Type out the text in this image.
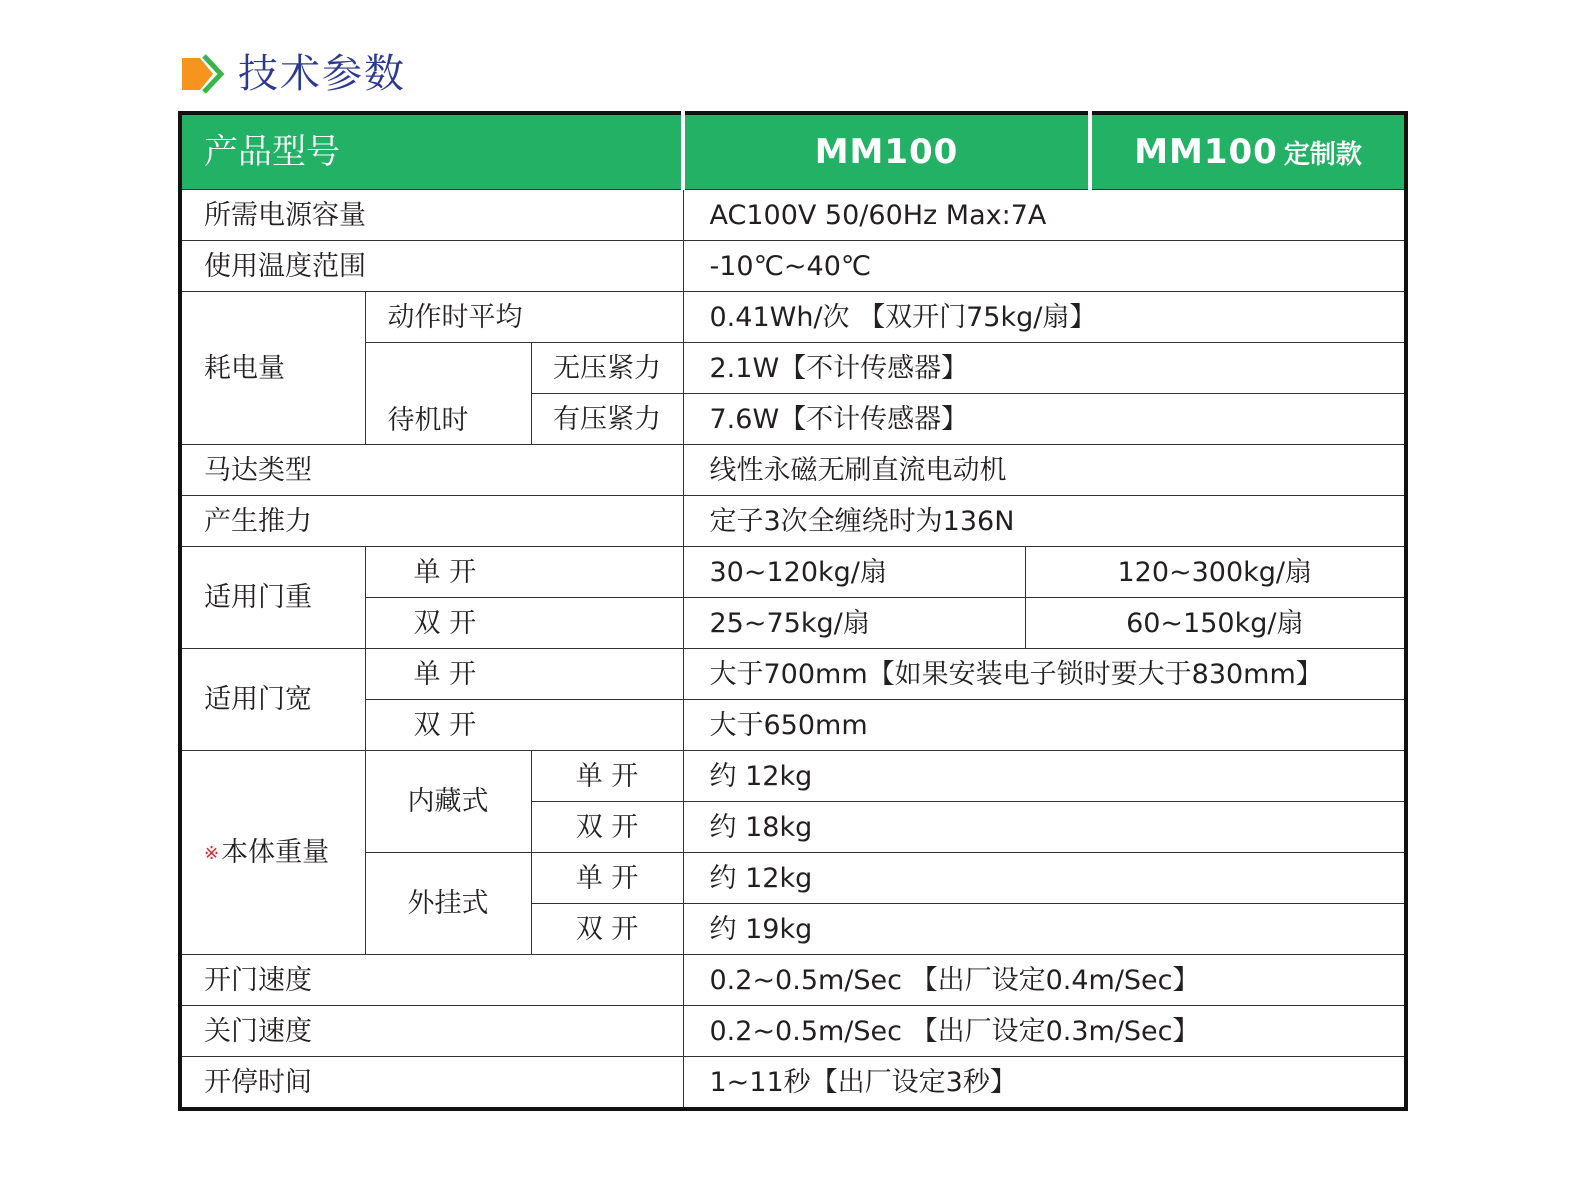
技术参数
产品型号			MM100		MM100 定制款
所需电源容量			AC100V 50/60Hz Max:7A		
使用温度范围			-10℃~40℃		
耗电量	动作时平均		0.41Wh/次 【双开门75kg/扇】		
	待机时	无压紧力	2.1W【不计传感器】		
		有压紧力	7.6W【不计传感器】		
马达类型			线性永磁无刷直流电动机		
产生推力			定子3次全缠绕时为136N		
适用门重	单 开		30~120kg/扇	120~300kg/扇	
	双 开		25~75kg/扇	60~150kg/扇	
适用门宽	单 开		大于700mm【如果安装电子锁时要大于830mm】		
	双 开		大于650mm		
※本体重量	内藏式	单 开	约 12kg		
		双 开	约 18kg		
	外挂式	单 开	约 12kg		
		双 开	约 19kg		
开门速度			0.2~0.5m/Sec 【出厂设定0.4m/Sec】		
关门速度			0.2~0.5m/Sec 【出厂设定0.3m/Sec】		
开停时间			1~11秒【出厂设定3秒】		
